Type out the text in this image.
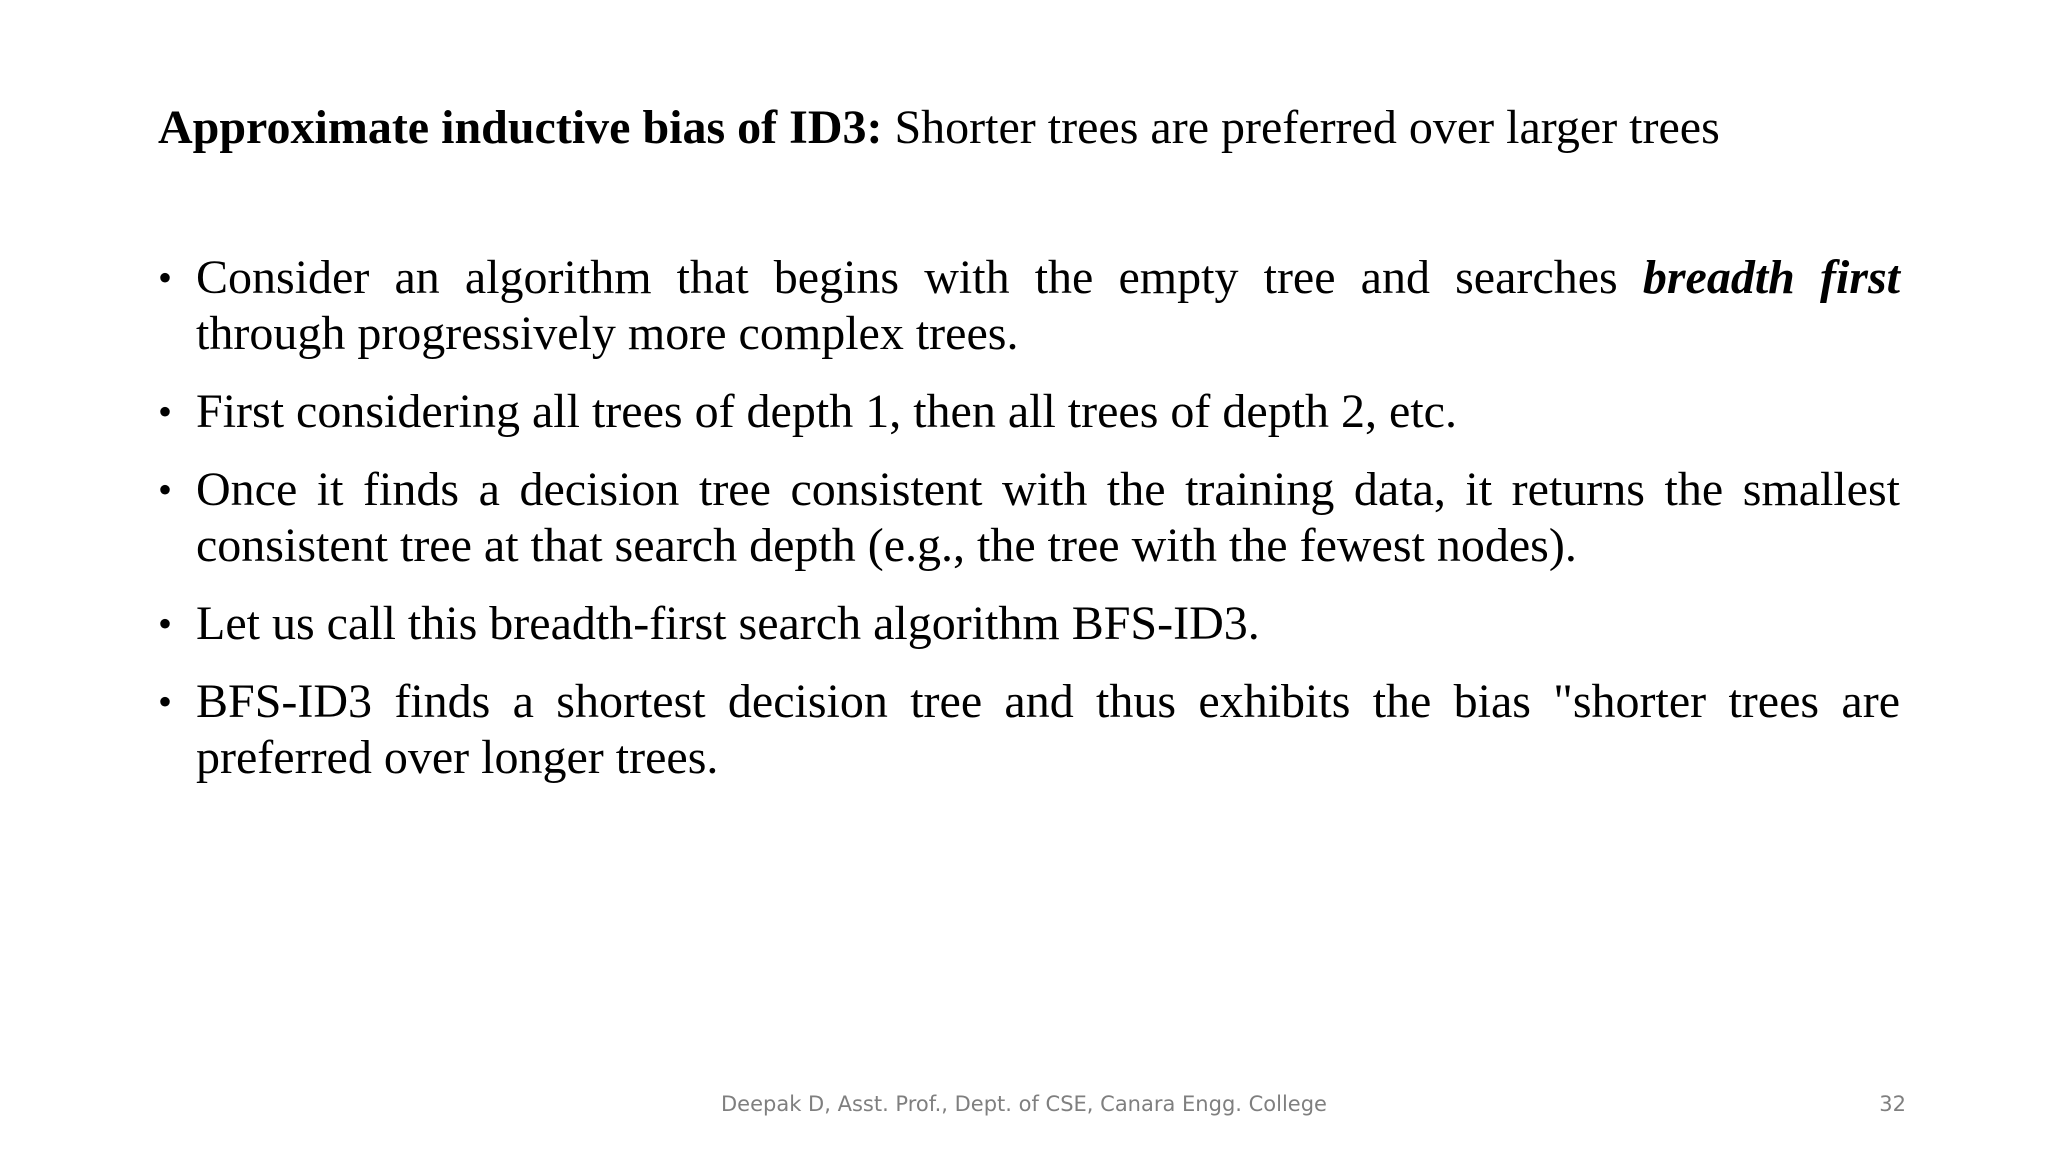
Approximate inductive bias of ID3: Shorter trees are preferred over larger trees
• Consider an algorithm that begins with the empty tree and searches breadth first through progressively more complex trees.
• First considering all trees of depth 1, then all trees of depth 2, etc.
• Once it finds a decision tree consistent with the training data, it returns the smallest consistent tree at that search depth (e.g., the tree with the fewest nodes).
• Let us call this breadth-first search algorithm BFS-ID3.
• BFS-ID3 finds a shortest decision tree and thus exhibits the bias "shorter trees are preferred over longer trees.
Deepak D, Asst. Prof., Dept. of CSE, Canara Engg. College	32
